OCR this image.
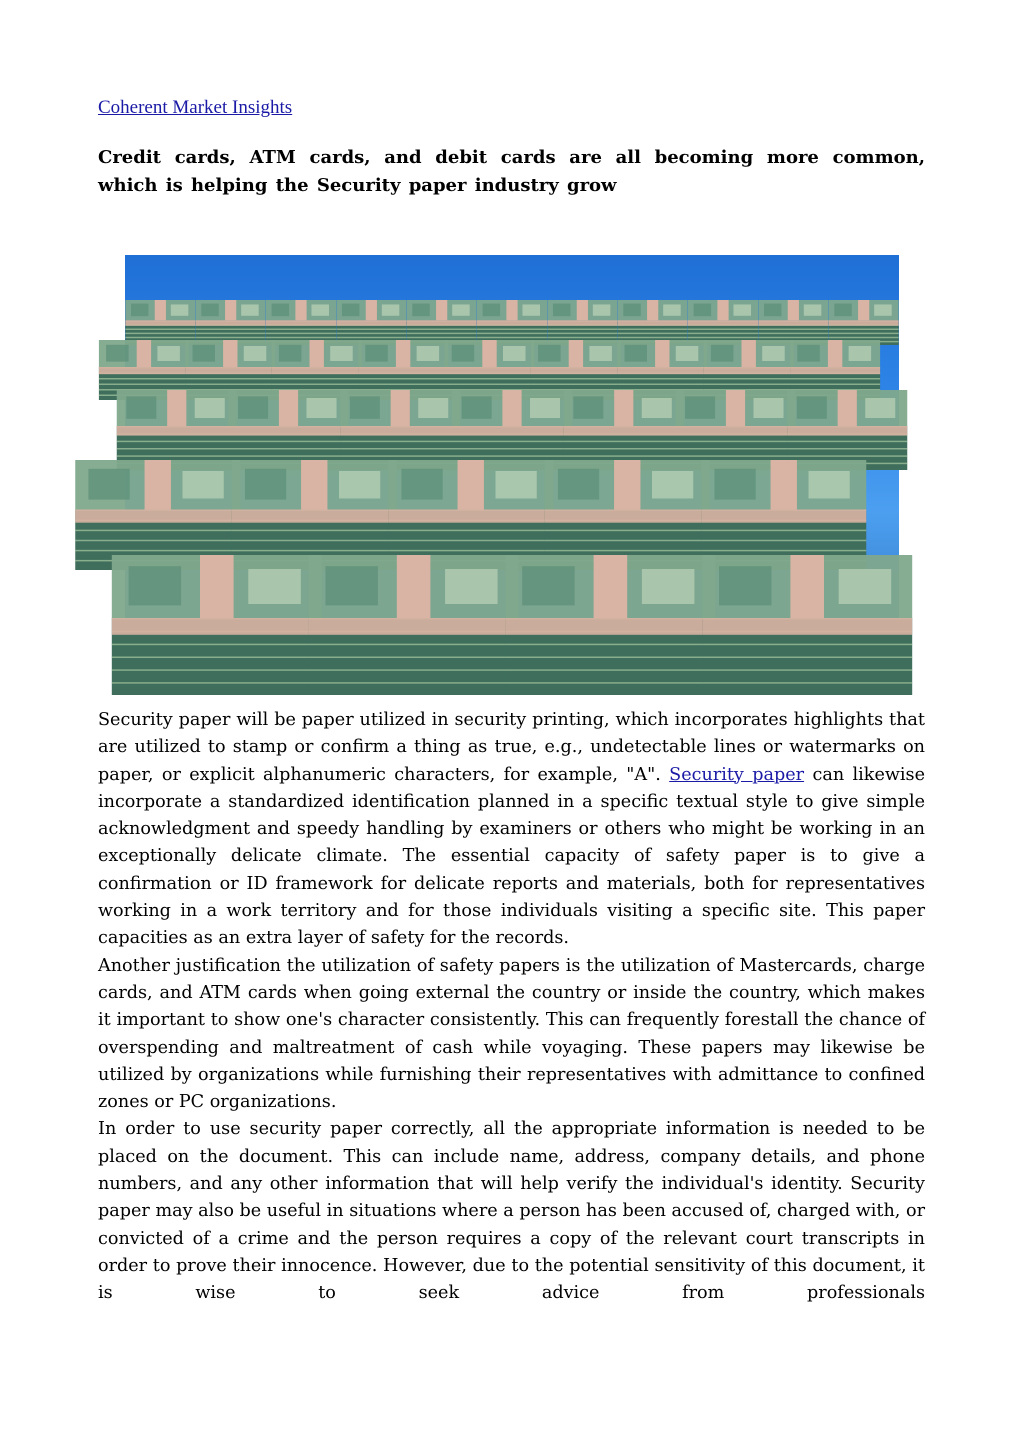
Coherent Market Insights
Credit cards, ATM cards, and debit cards are all becoming more common, which is helping the Security paper industry grow

Security paper will be paper utilized in security printing, which incorporates highlights that are utilized to stamp or confirm a thing as true, e.g., undetectable lines or watermarks on paper, or explicit alphanumeric characters, for example, "A". Security paper can likewise incorporate a standardized identification planned in a specific textual style to give simple acknowledgment and speedy handling by examiners or others who might be working in an exceptionally delicate climate. The essential capacity of safety paper is to give a confirmation or ID framework for delicate reports and materials, both for representatives working in a work territory and for those individuals visiting a specific site. This paper capacities as an extra layer of safety for the records.

Another justification the utilization of safety papers is the utilization of Mastercards, charge cards, and ATM cards when going external the country or inside the country, which makes it important to show one's character consistently. This can frequently forestall the chance of overspending and maltreatment of cash while voyaging. These papers may likewise be utilized by organizations while furnishing their representatives with admittance to confined zones or PC organizations.

In order to use security paper correctly, all the appropriate information is needed to be placed on the document. This can include name, address, company details, and phone numbers, and any other information that will help verify the individual's identity. Security paper may also be useful in situations where a person has been accused of, charged with, or convicted of a crime and the person requires a copy of the relevant court transcripts in order to prove their innocence. However, due to the potential sensitivity of this document, it is wise to seek advice from professionals
